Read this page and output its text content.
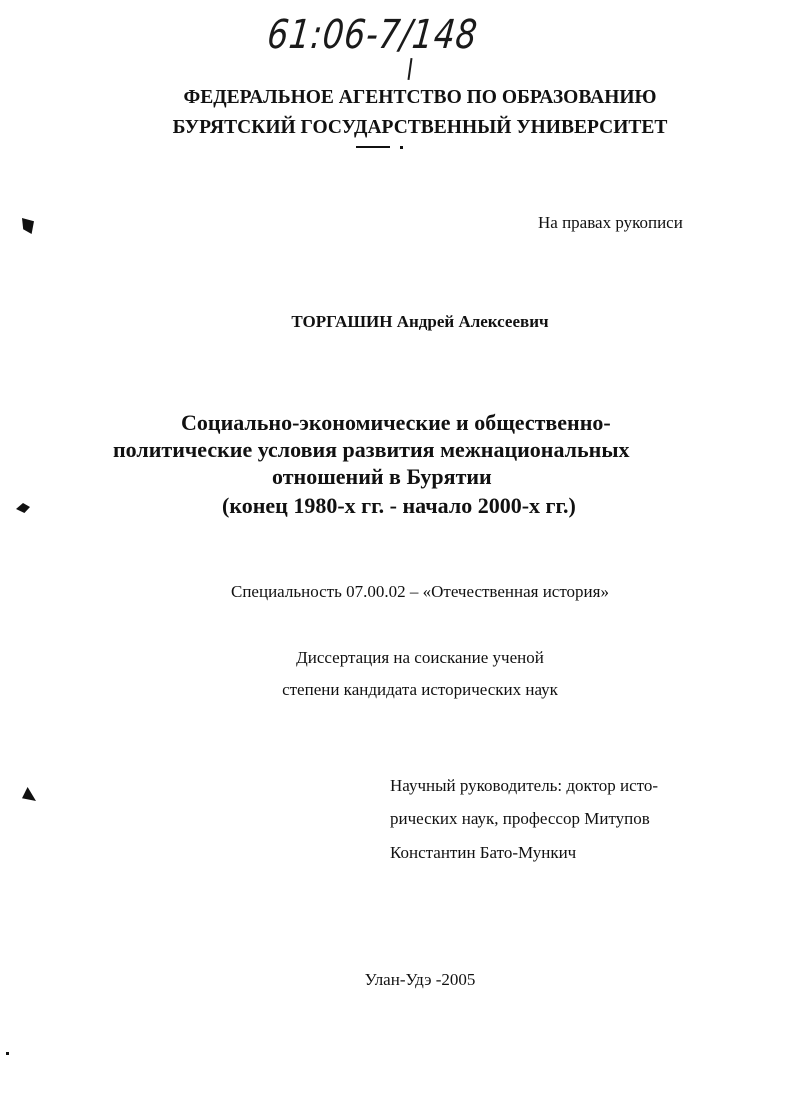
61:06-7/148
ФЕДЕРАЛЬНОЕ АГЕНТСТВО ПО ОБРАЗОВАНИЮ
БУРЯТСКИЙ ГОСУДАРСТВЕННЫЙ УНИВЕРСИТЕТ
На правах рукописи
ТОРГАШИН Андрей Алексеевич
Социально-экономические и общественно-
политические условия развития межнациональных
отношений в Бурятии
(конец 1980-х гг. - начало 2000-х гг.)
Специальность 07.00.02 – «Отечественная история»
Диссертация на соискание ученой
степени кандидата исторических наук
Научный руководитель: доктор исто-
рических наук, профессор Митупов
Константин Бато-Мункич
Улан-Удэ -2005
